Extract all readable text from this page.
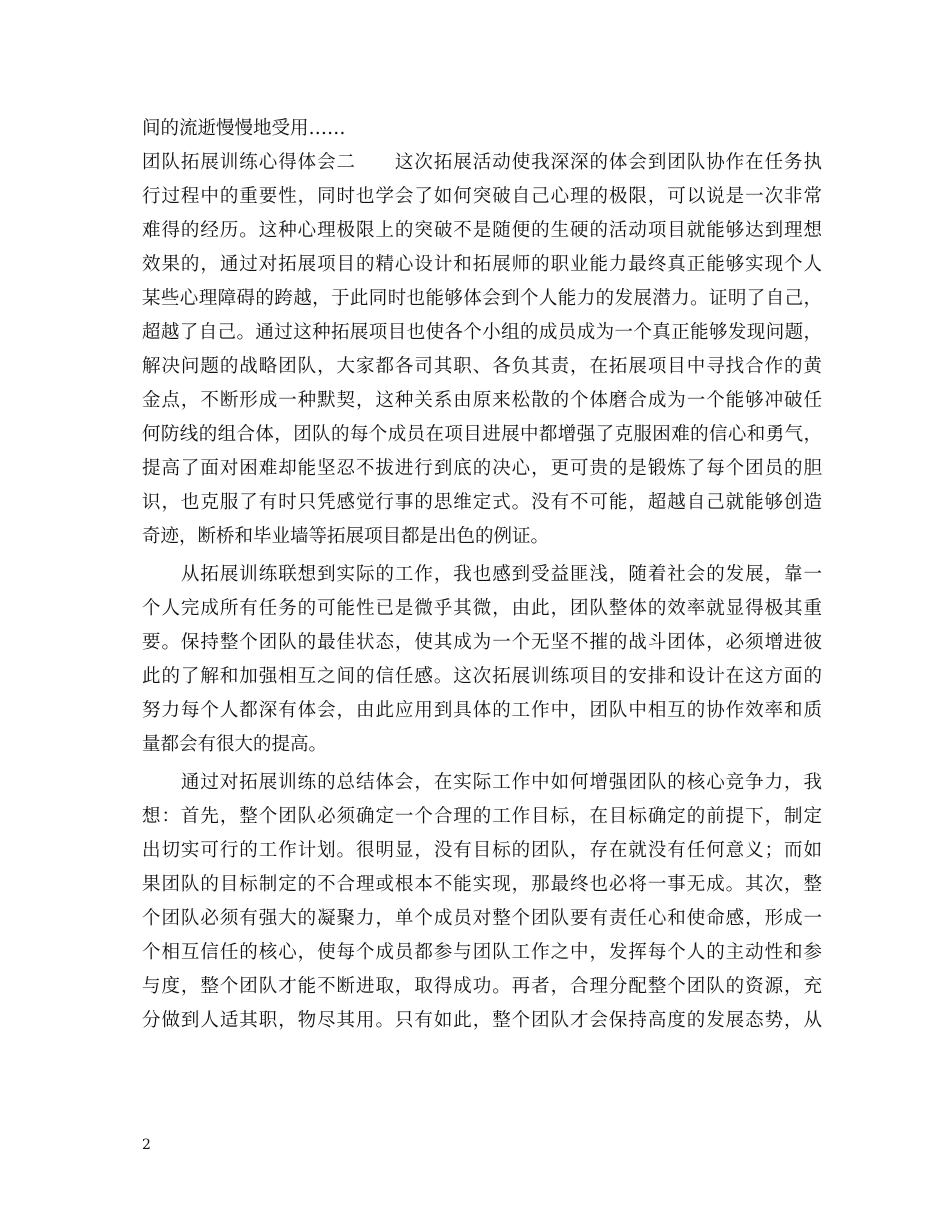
间的流逝慢慢地受用……
团队拓展训练心得体会二　　这次拓展活动使我深深的体会到团队协作在任务执
行过程中的重要性，同时也学会了如何突破自己心理的极限，可以说是一次非常
难得的经历。这种心理极限上的突破不是随便的生硬的活动项目就能够达到理想
效果的，通过对拓展项目的精心设计和拓展师的职业能力最终真正能够实现个人
某些心理障碍的跨越，于此同时也能够体会到个人能力的发展潜力。证明了自己，
超越了自己。通过这种拓展项目也使各个小组的成员成为一个真正能够发现问题，
解决问题的战略团队，大家都各司其职、各负其责，在拓展项目中寻找合作的黄
金点，不断形成一种默契，这种关系由原来松散的个体磨合成为一个能够冲破任
何防线的组合体，团队的每个成员在项目进展中都增强了克服困难的信心和勇气，
提高了面对困难却能坚忍不拔进行到底的决心，更可贵的是锻炼了每个团员的胆
识，也克服了有时只凭感觉行事的思维定式。没有不可能，超越自己就能够创造
奇迹，断桥和毕业墙等拓展项目都是出色的例证。
　　从拓展训练联想到实际的工作，我也感到受益匪浅，随着社会的发展，靠一
个人完成所有任务的可能性已是微乎其微，由此，团队整体的效率就显得极其重
要。保持整个团队的最佳状态，使其成为一个无坚不摧的战斗团体，必须增进彼
此的了解和加强相互之间的信任感。这次拓展训练项目的安排和设计在这方面的
努力每个人都深有体会，由此应用到具体的工作中，团队中相互的协作效率和质
量都会有很大的提高。
　　通过对拓展训练的总结体会，在实际工作中如何增强团队的核心竞争力，我
想：首先，整个团队必须确定一个合理的工作目标，在目标确定的前提下，制定
出切实可行的工作计划。很明显，没有目标的团队，存在就没有任何意义；而如
果团队的目标制定的不合理或根本不能实现，那最终也必将一事无成。其次，整
个团队必须有强大的凝聚力，单个成员对整个团队要有责任心和使命感，形成一
个相互信任的核心，使每个成员都参与团队工作之中，发挥每个人的主动性和参
与度，整个团队才能不断进取，取得成功。再者，合理分配整个团队的资源，充
分做到人适其职，物尽其用。只有如此，整个团队才会保持高度的发展态势，从
2
